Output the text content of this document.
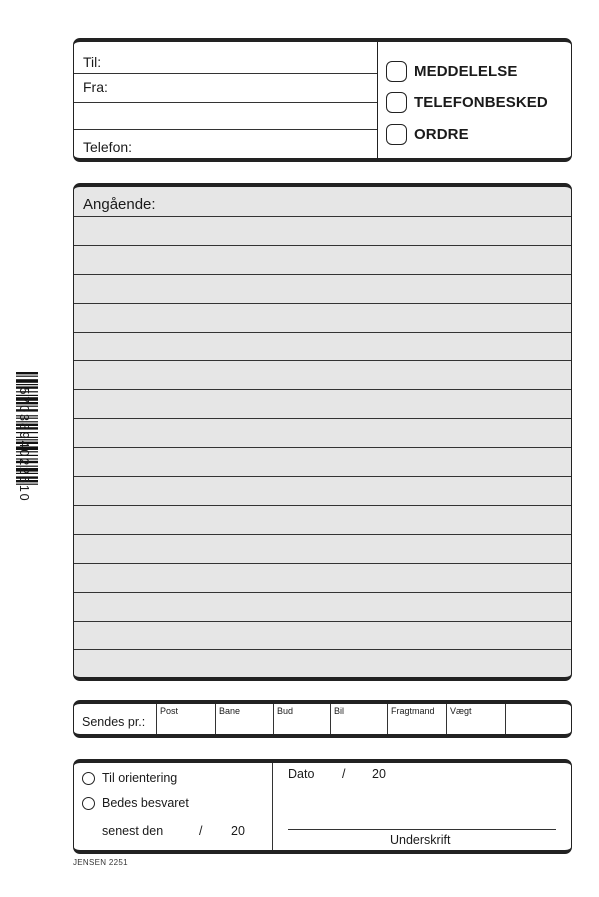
Til:
Fra:
Telefon:
MEDDELELSE
TELEFONBESKED
ORDRE
Angående:
5703894022510
Sendes pr.:
Post	Bane	Bud	Bil	Fragtmand	Vægt
Til orientering
Bedes besvaret
senest den	/ 20
Dato / 20
Underskrift
JENSEN 2251
